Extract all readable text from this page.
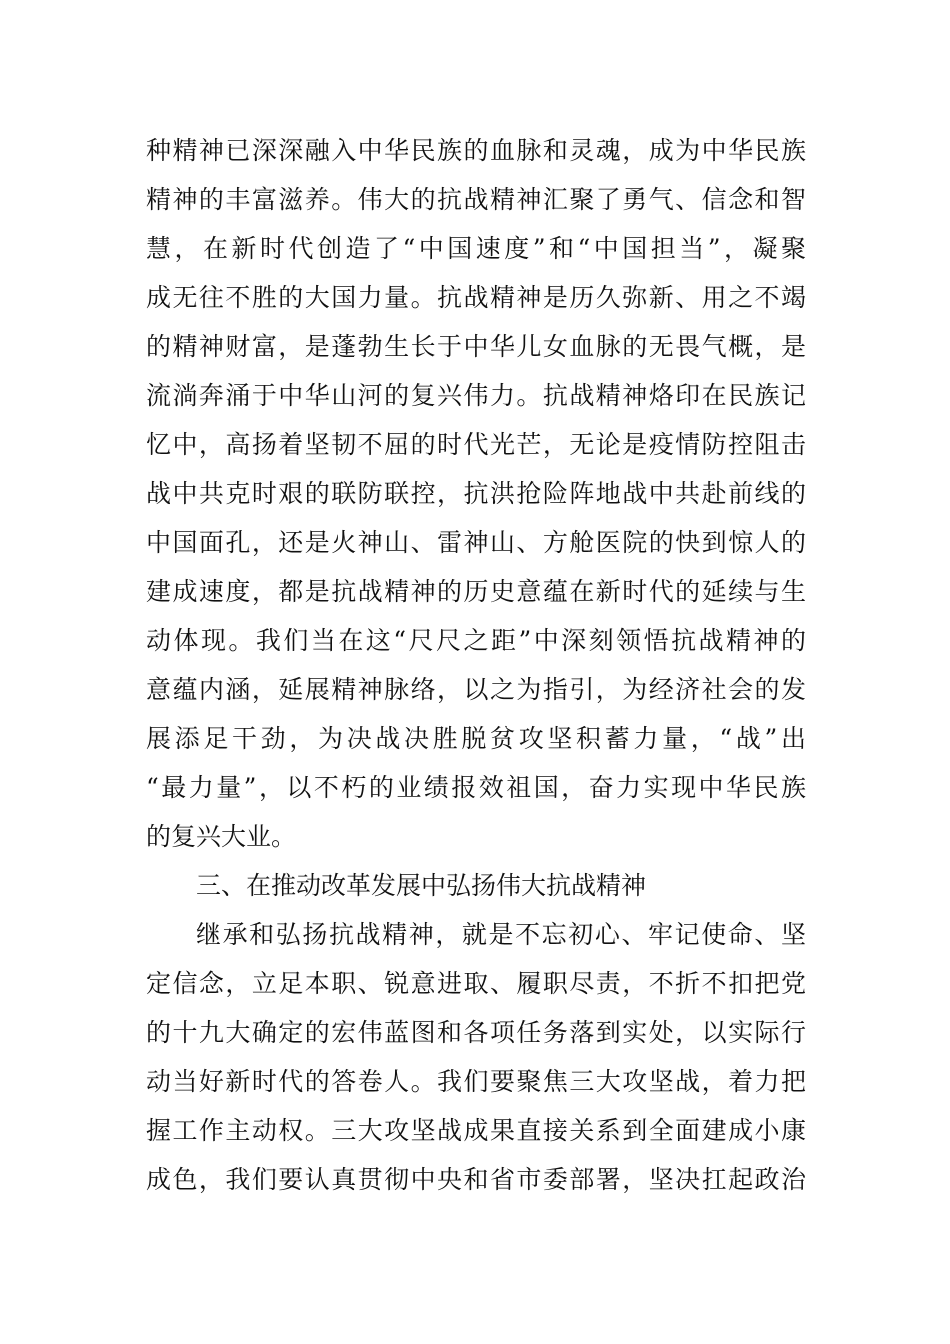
种精神已深深融入中华民族的血脉和灵魂，成为中华民族
精神的丰富滋养。伟大的抗战精神汇聚了勇气、信念和智
慧，在新时代创造了“中国速度”和“中国担当”，凝聚
成无往不胜的大国力量。抗战精神是历久弥新、用之不竭
的精神财富，是蓬勃生长于中华儿女血脉的无畏气概，是
流淌奔涌于中华山河的复兴伟力。抗战精神烙印在民族记
忆中，高扬着坚韧不屈的时代光芒，无论是疫情防控阻击
战中共克时艰的联防联控，抗洪抢险阵地战中共赴前线的
中国面孔，还是火神山、雷神山、方舱医院的快到惊人的
建成速度，都是抗战精神的历史意蕴在新时代的延续与生
动体现。我们当在这“尺尺之距”中深刻领悟抗战精神的
意蕴内涵，延展精神脉络，以之为指引，为经济社会的发
展添足干劲，为决战决胜脱贫攻坚积蓄力量，“战”出
“最力量”，以不朽的业绩报效祖国，奋力实现中华民族
的复兴大业。
三、在推动改革发展中弘扬伟大抗战精神
继承和弘扬抗战精神，就是不忘初心、牢记使命、坚
定信念，立足本职、锐意进取、履职尽责，不折不扣把党
的十九大确定的宏伟蓝图和各项任务落到实处，以实际行
动当好新时代的答卷人。我们要聚焦三大攻坚战，着力把
握工作主动权。三大攻坚战成果直接关系到全面建成小康
成色，我们要认真贯彻中央和省市委部署，坚决扛起政治
